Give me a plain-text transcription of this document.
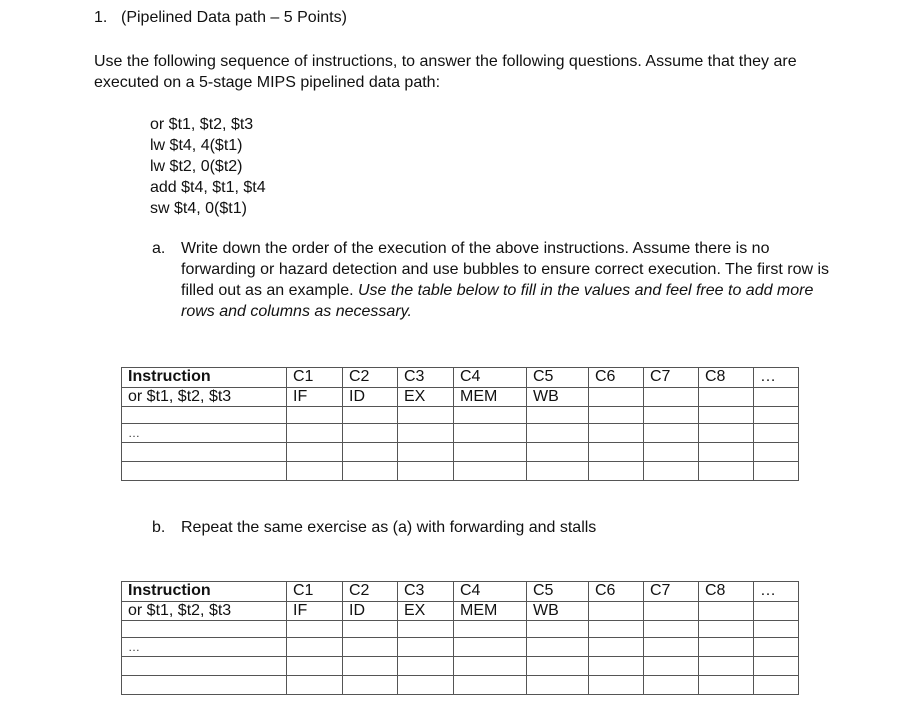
1. (Pipelined Data path – 5 Points)
Use the following sequence of instructions, to answer the following questions. Assume that they are executed on a 5-stage MIPS pipelined data path:
or $t1, $t2, $t3
lw $t4, 4($t1)
lw $t2, 0($t2)
add $t4, $t1, $t4
sw $t4, 0($t1)
a. Write down the order of the execution of the above instructions. Assume there is no forwarding or hazard detection and use bubbles to ensure correct execution. The first row is filled out as an example. Use the table below to fill in the values and feel free to add more rows and columns as necessary.
Instruction	C1	C2	C3	C4	C5	C6	C7	C8	…
or $t1, $t2, $t3	IF	ID	EX	MEM	WB				

…									

b. Repeat the same exercise as (a) with forwarding and stalls
Instruction	C1	C2	C3	C4	C5	C6	C7	C8	…
or $t1, $t2, $t3	IF	ID	EX	MEM	WB				

…									
